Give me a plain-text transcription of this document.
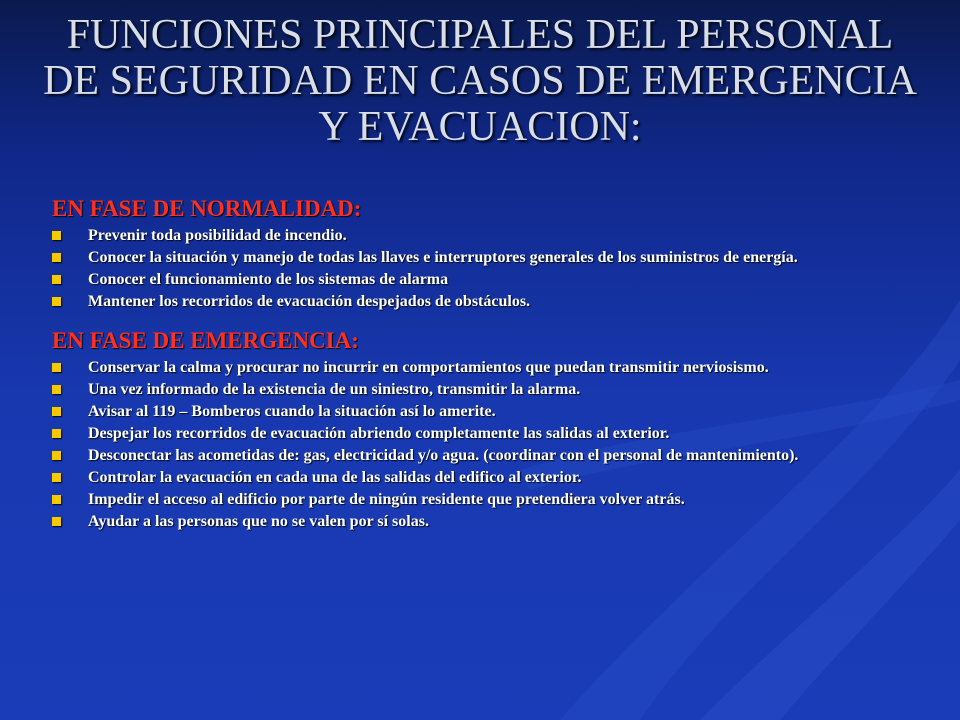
FUNCIONES PRINCIPALES DEL PERSONAL DE SEGURIDAD EN CASOS DE EMERGENCIA Y EVACUACION:
EN FASE DE NORMALIDAD:
Prevenir toda posibilidad de incendio.
Conocer la situación y manejo de todas las llaves e interruptores generales de los suministros de energía.
Conocer el funcionamiento de los sistemas de alarma
Mantener los recorridos de evacuación despejados de obstáculos.
EN FASE DE EMERGENCIA:
Conservar la calma y procurar no incurrir en comportamientos que puedan transmitir nerviosismo.
Una vez informado de la existencia de un siniestro, transmitir la alarma.
Avisar al 119 – Bomberos cuando la situación así lo amerite.
Despejar los recorridos de evacuación abriendo completamente las salidas al exterior.
Desconectar las acometidas de: gas, electricidad y/o agua. (coordinar con el personal de mantenimiento).
Controlar la evacuación en cada una de las salidas del edifico al exterior.
Impedir el acceso al edificio por parte de ningún residente que pretendiera volver atrás.
Ayudar a las personas que no se valen por sí solas.
